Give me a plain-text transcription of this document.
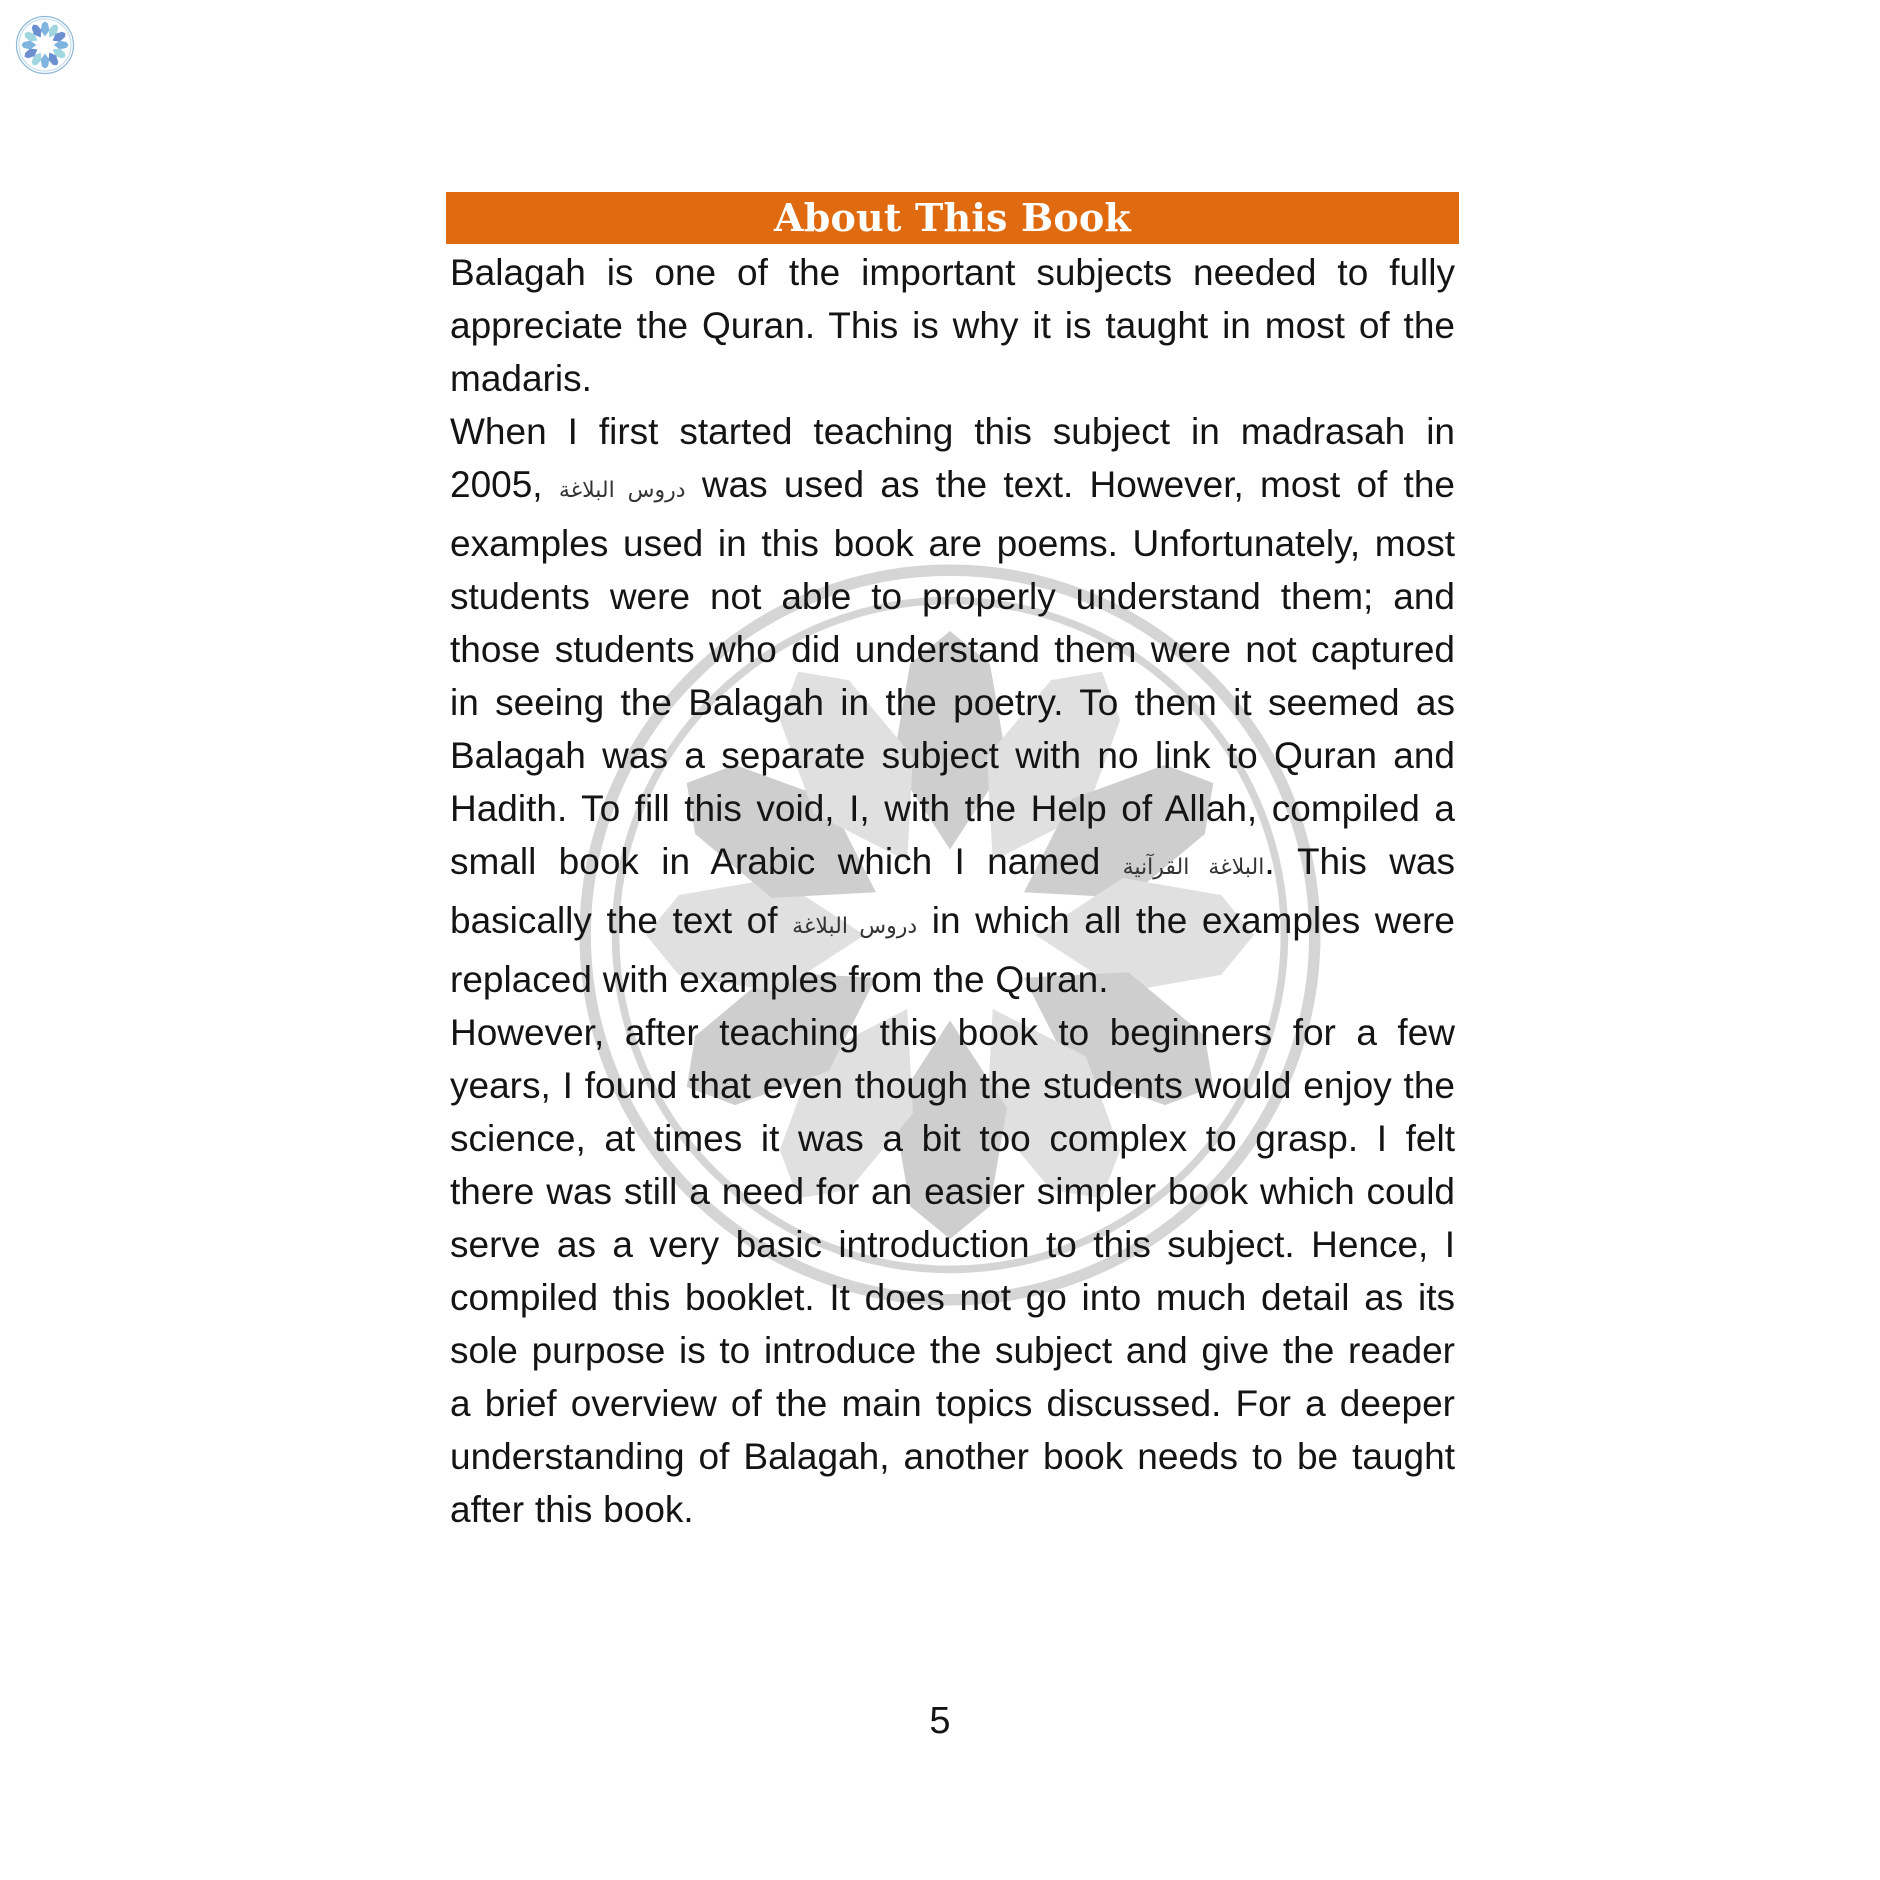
About This Book

Balagah is one of the important subjects needed to fully appreciate the Quran. This is why it is taught in most of the madaris.

When I first started teaching this subject in madrasah in 2005, دروس البلاغة was used as the text. However, most of the examples used in this book are poems. Unfortunately, most students were not able to properly understand them; and those students who did understand them were not captured in seeing the Balagah in the poetry. To them it seemed as Balagah was a separate subject with no link to Quran and Hadith. To fill this void, I, with the Help of Allah, compiled a small book in Arabic which I named البلاغة القرآنية. This was basically the text of دروس البلاغة in which all the examples were replaced with examples from the Quran.

However, after teaching this book to beginners for a few years, I found that even though the students would enjoy the science, at times it was a bit too complex to grasp. I felt there was still a need for an easier simpler book which could serve as a very basic introduction to this subject. Hence, I compiled this booklet. It does not go into much detail as its sole purpose is to introduce the subject and give the reader a brief overview of the main topics discussed. For a deeper understanding of Balagah, another book needs to be taught after this book.

5
